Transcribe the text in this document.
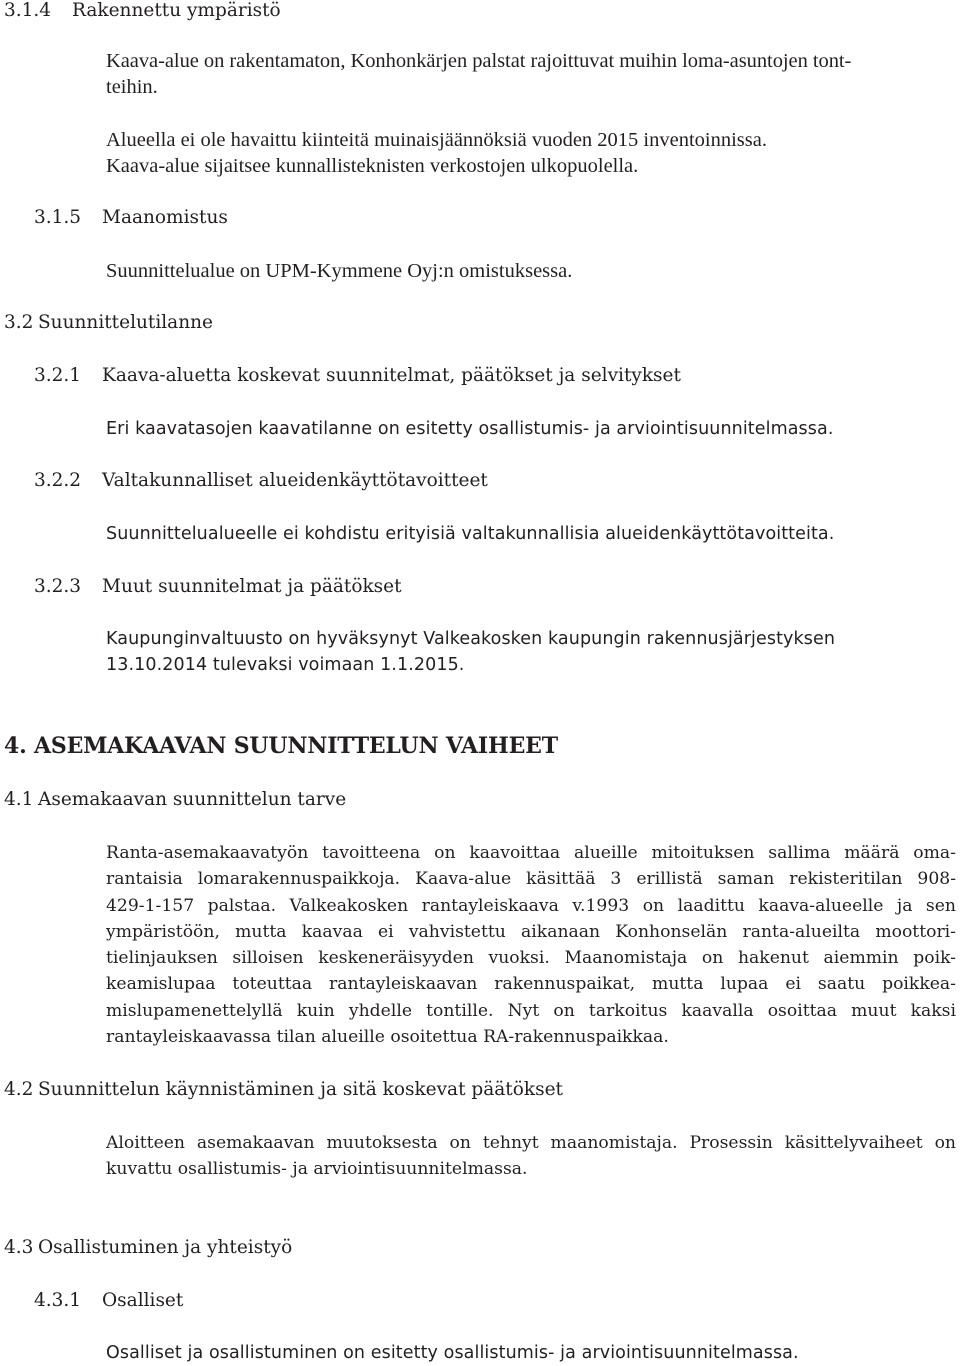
3.1.4 Rakennettu ympäristö
Kaava-alue on rakentamaton, Konhonkärjen palstat rajoittuvat muihin loma-asuntojen tont-
teihin.
Alueella ei ole havaittu kiinteitä muinaisjäännöksiä vuoden 2015 inventoinnissa.
Kaava-alue sijaitsee kunnallisteknisten verkostojen ulkopuolella.
3.1.5 Maanomistus
Suunnittelualue on UPM-Kymmene Oyj:n omistuksessa.
3.2 Suunnittelutilanne
3.2.1 Kaava-aluetta koskevat suunnitelmat, päätökset ja selvitykset
Eri kaavatasojen kaavatilanne on esitetty osallistumis- ja arviointisuunnitelmassa.
3.2.2 Valtakunnalliset alueidenkäyttötavoitteet
Suunnittelualueelle ei kohdistu erityisiä valtakunnallisia alueidenkäyttötavoitteita.
3.2.3 Muut suunnitelmat ja päätökset
Kaupunginvaltuusto on hyväksynyt Valkeakosken kaupungin rakennusjärjestyksen
13.10.2014 tulevaksi voimaan 1.1.2015.
4. ASEMAKAAVAN SUUNNITTELUN VAIHEET
4.1 Asemakaavan suunnittelun tarve
Ranta-asemakaavatyön tavoitteena on kaavoittaa alueille mitoituksen sallima määrä oma-
rantaisia lomarakennuspaikkoja. Kaava-alue käsittää 3 erillistä saman rekisteritilan 908-
429-1-157 palstaa. Valkeakosken rantayleiskaava v.1993 on laadittu kaava-alueelle ja sen
ympäristöön, mutta kaavaa ei vahvistettu aikanaan Konhonselän ranta-alueilta moottori-
tielinjauksen silloisen keskeneräisyyden vuoksi. Maanomistaja on hakenut aiemmin poik-
keamislupaa toteuttaa rantayleiskaavan rakennuspaikat, mutta lupaa ei saatu poikkea-
mislupamenettelyllä kuin yhdelle tontille. Nyt on tarkoitus kaavalla osoittaa muut kaksi
rantayleiskaavassa tilan alueille osoitettua RA-rakennuspaikkaa.
4.2 Suunnittelun käynnistäminen ja sitä koskevat päätökset
Aloitteen asemakaavan muutoksesta on tehnyt maanomistaja. Prosessin käsittelyvaiheet on
kuvattu osallistumis- ja arviointisuunnitelmassa.
4.3 Osallistuminen ja yhteistyö
4.3.1 Osalliset
Osalliset ja osallistuminen on esitetty osallistumis- ja arviointisuunnitelmassa.
